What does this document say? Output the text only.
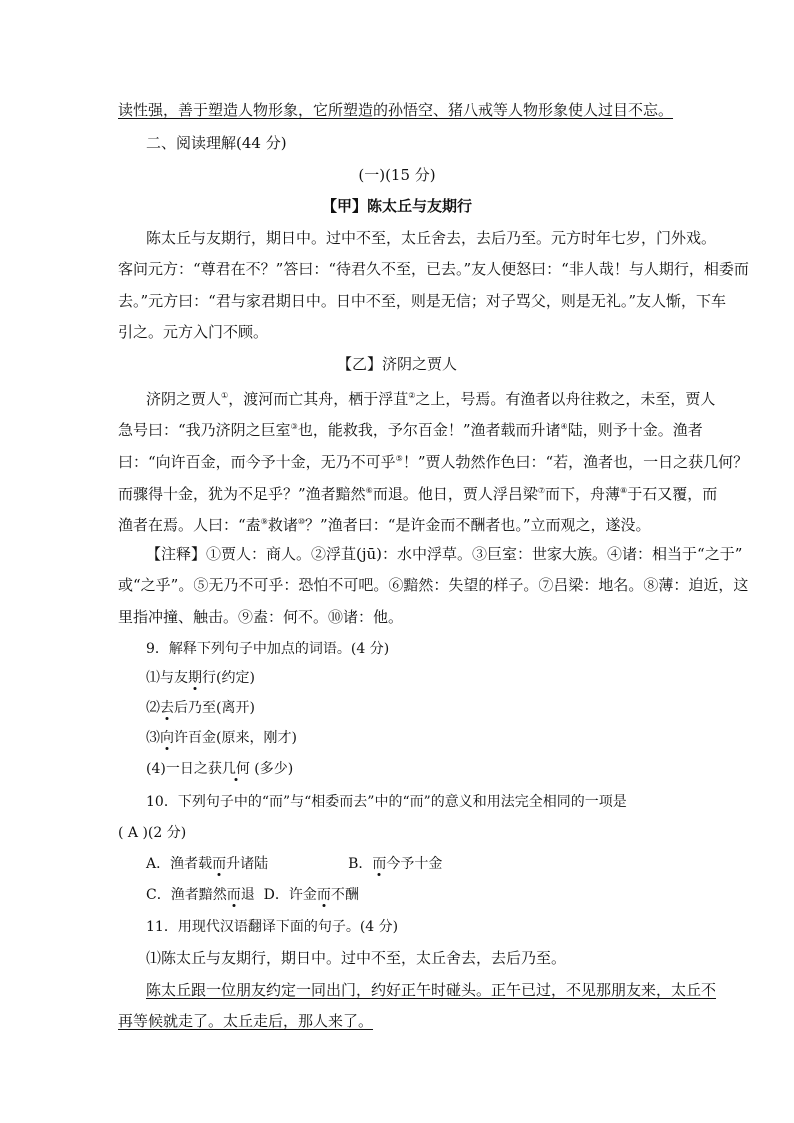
读性强，善于塑造人物形象，它所塑造的孙悟空、猪八戒等人物形象使人过目不忘。
二、阅读理解(44 分)
(一)(15 分)
【甲】陈太丘与友期行
陈太丘与友期行，期日中。过中不至，太丘舍去，去后乃至。元方时年七岁，门外戏。
客问元方：“尊君在不？”答曰：“待君久不至，已去。”友人便怒曰：“非人哉！与人期行，相委而
去。”元方曰：“君与家君期日中。日中不至，则是无信；对子骂父，则是无礼。”友人惭，下车
引之。元方入门不顾。
【乙】济阴之贾人
济阴之贾人①，渡河而亡其舟，栖于浮苴②之上，号焉。有渔者以舟往救之，未至，贾人
急号曰：“我乃济阴之巨室③也，能救我，予尔百金！”渔者载而升诸④陆，则予十金。渔者
曰：“向许百金，而今予十金，无乃不可乎⑤！”贾人勃然作色曰：“若，渔者也，一日之获几何？
而骤得十金，犹为不足乎？”渔者黯然⑥而退。他日，贾人浮吕梁⑦而下，舟薄⑧于石又覆，而
渔者在焉。人曰：“盍⑨救诸⑩？”渔者曰：“是许金而不酬者也。”立而观之，遂没。
【注释】①贾人：商人。②浮苴(jū)：水中浮草。③巨室：世家大族。④诸：相当于“之于”
或“之乎”。⑤无乃不可乎：恐怕不可吧。⑥黯然：失望的样子。⑦吕梁：地名。⑧薄：迫近，这
里指冲撞、触击。⑨盍：何不。⑩诸：他。
9．解释下列句子中加点的词语。(4 分)
⑴与友期行(约定)
⑵去后乃至(离开)
⑶向许百金(原来，刚才)
(4)一日之获几何 (多少)
10．下列句子中的“而”与“相委而去”中的“而”的意义和用法完全相同的一项是
( A )(2 分)
A．渔者载而升诸陆	B．而今予十金
C．渔者黯然而退 D．许金而不酬
11．用现代汉语翻译下面的句子。(4 分)
⑴陈太丘与友期行，期日中。过中不至，太丘舍去，去后乃至。
陈太丘跟一位朋友约定一同出门，约好正午时碰头。正午已过，不见那朋友来，太丘不
再等候就走了。太丘走后，那人来了。
